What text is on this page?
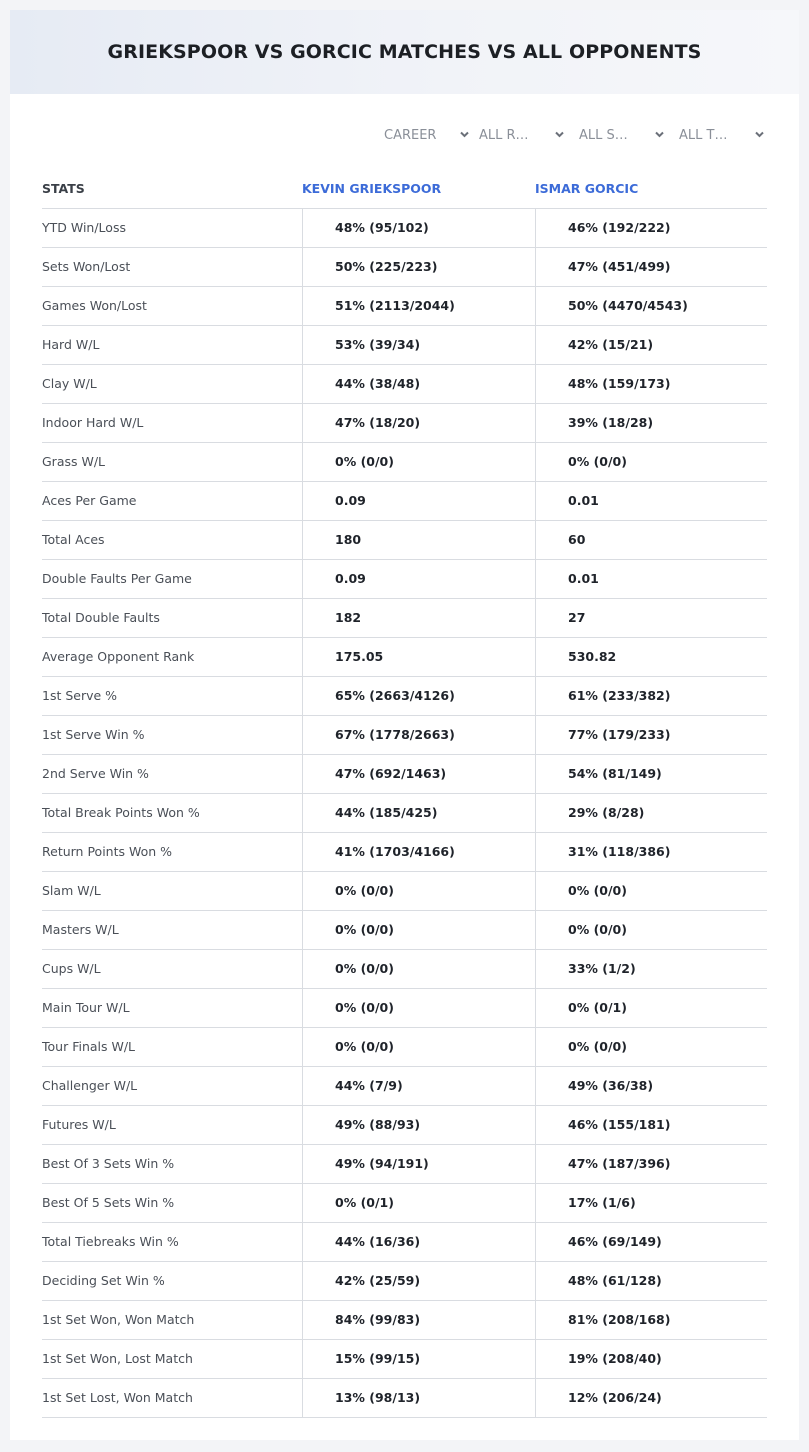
GRIEKSPOOR VS GORCIC MATCHES VS ALL OPPONENTS
CAREER	ALL R…	ALL S…	ALL T…
STATS	KEVIN GRIEKSPOOR	ISMAR GORCIC
YTD Win/Loss	48% (95/102)	46% (192/222)
Sets Won/Lost	50% (225/223)	47% (451/499)
Games Won/Lost	51% (2113/2044)	50% (4470/4543)
Hard W/L	53% (39/34)	42% (15/21)
Clay W/L	44% (38/48)	48% (159/173)
Indoor Hard W/L	47% (18/20)	39% (18/28)
Grass W/L	0% (0/0)	0% (0/0)
Aces Per Game	0.09	0.01
Total Aces	180	60
Double Faults Per Game	0.09	0.01
Total Double Faults	182	27
Average Opponent Rank	175.05	530.82
1st Serve %	65% (2663/4126)	61% (233/382)
1st Serve Win %	67% (1778/2663)	77% (179/233)
2nd Serve Win %	47% (692/1463)	54% (81/149)
Total Break Points Won %	44% (185/425)	29% (8/28)
Return Points Won %	41% (1703/4166)	31% (118/386)
Slam W/L	0% (0/0)	0% (0/0)
Masters W/L	0% (0/0)	0% (0/0)
Cups W/L	0% (0/0)	33% (1/2)
Main Tour W/L	0% (0/0)	0% (0/1)
Tour Finals W/L	0% (0/0)	0% (0/0)
Challenger W/L	44% (7/9)	49% (36/38)
Futures W/L	49% (88/93)	46% (155/181)
Best Of 3 Sets Win %	49% (94/191)	47% (187/396)
Best Of 5 Sets Win %	0% (0/1)	17% (1/6)
Total Tiebreaks Win %	44% (16/36)	46% (69/149)
Deciding Set Win %	42% (25/59)	48% (61/128)
1st Set Won, Won Match	84% (99/83)	81% (208/168)
1st Set Won, Lost Match	15% (99/15)	19% (208/40)
1st Set Lost, Won Match	13% (98/13)	12% (206/24)
